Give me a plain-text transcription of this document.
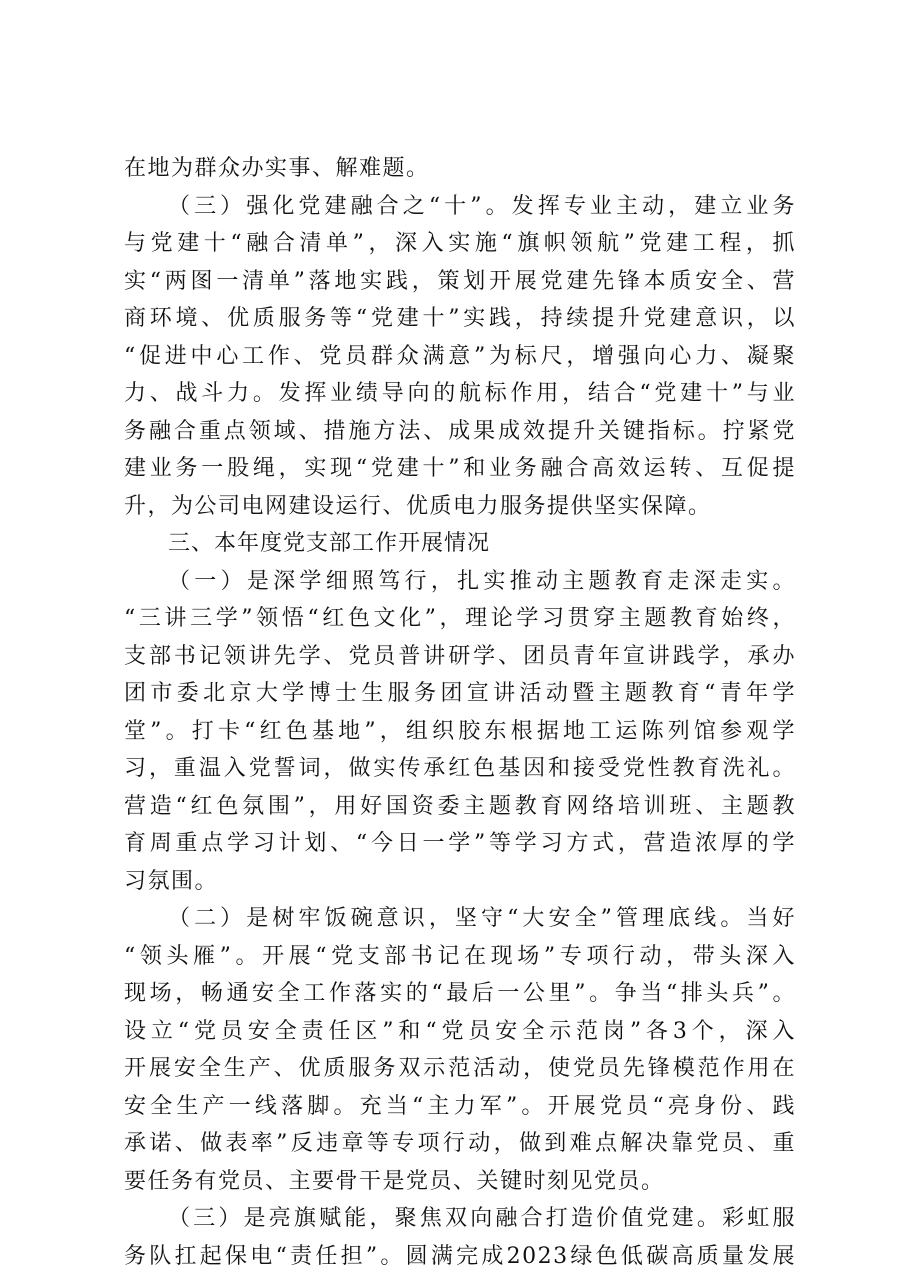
在地为群众办实事、解难题。
（三）强化党建融合之“十”。发挥专业主动，建立业务
与党建十“融合清单”，深入实施“旗帜领航”党建工程，抓
实“两图一清单”落地实践，策划开展党建先锋本质安全、营
商环境、优质服务等“党建十”实践，持续提升党建意识，以
“促进中心工作、党员群众满意”为标尺，增强向心力、凝聚
力、战斗力。发挥业绩导向的航标作用，结合“党建十”与业
务融合重点领域、措施方法、成果成效提升关键指标。拧紧党
建业务一股绳，实现“党建十”和业务融合高效运转、互促提
升，为公司电网建设运行、优质电力服务提供坚实保障。
三、本年度党支部工作开展情况
（一）是深学细照笃行，扎实推动主题教育走深走实。
“三讲三学”领悟“红色文化”，理论学习贯穿主题教育始终，
支部书记领讲先学、党员普讲研学、团员青年宣讲践学，承办
团市委北京大学博士生服务团宣讲活动暨主题教育“青年学
堂”。打卡“红色基地”，组织胶东根据地工运陈列馆参观学
习，重温入党誓词，做实传承红色基因和接受党性教育洗礼。
营造“红色氛围”，用好国资委主题教育网络培训班、主题教
育周重点学习计划、“今日一学”等学习方式，营造浓厚的学
习氛围。
（二）是树牢饭碗意识，坚守“大安全”管理底线。当好
“领头雁”。开展“党支部书记在现场”专项行动，带头深入
现场，畅通安全工作落实的“最后一公里”。争当“排头兵”。
设立“党员安全责任区”和“党员安全示范岗”各3个，深入
开展安全生产、优质服务双示范活动，使党员先锋模范作用在
安全生产一线落脚。充当“主力军”。开展党员“亮身份、践
承诺、做表率”反违章等专项行动，做到难点解决靠党员、重
要任务有党员、主要骨干是党员、关键时刻见党员。
（三）是亮旗赋能，聚焦双向融合打造价值党建。彩虹服
务队扛起保电“责任担”。圆满完成2023绿色低碳高质量发展
